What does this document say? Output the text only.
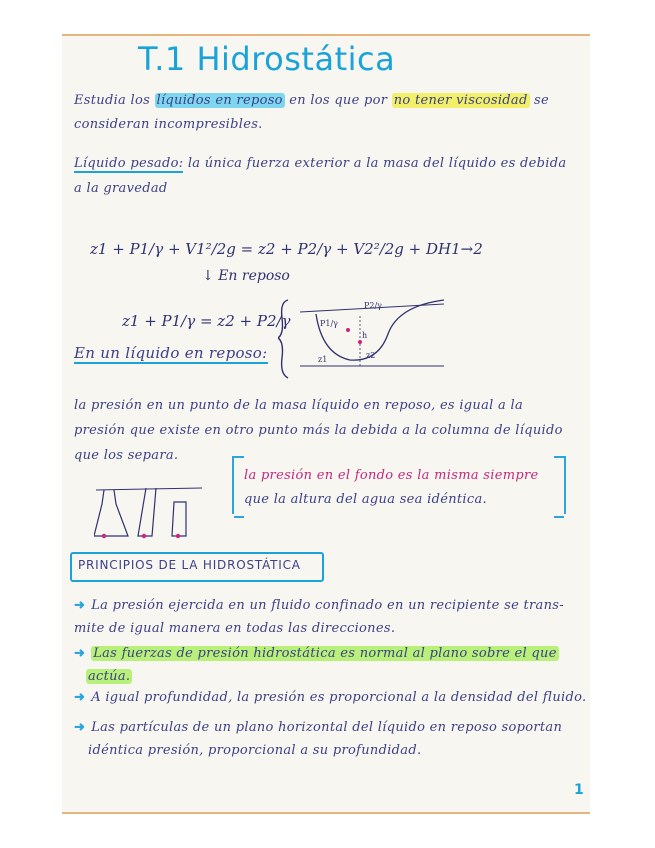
T.1 Hidrostática
Estudia los líquidos en reposo en los que por no tener viscosidad se
consideran incompresibles.
Líquido pesado: la única fuerza exterior a la masa del líquido es debida
a la gravedad
z1 + P1/γ + V1²/2g = z2 + P2/γ + V2²/2g + DH1→2
↓ En reposo
z1 + P1/γ = z2 + P2/γ
En un líquido en reposo:
P2/γ
P1/γ
h
z1	z2
la presión en un punto de la masa líquido en reposo, es igual a la
presión que existe en otro punto más la debida a la columna de líquido
que los separa.
la presión en el fondo es la misma siempre
que la altura del agua sea idéntica.
PRINCIPIOS DE LA HIDROSTÁTICA
➜ La presión ejercida en un fluido confinado en un recipiente se trans-
mite de igual manera en todas las direcciones.
➜ Las fuerzas de presión hidrostática es normal al plano sobre el que
actúa.
➜ A igual profundidad, la presión es proporcional a la densidad del fluido.
➜ Las partículas de un plano horizontal del líquido en reposo soportan
idéntica presión, proporcional a su profundidad.
1
